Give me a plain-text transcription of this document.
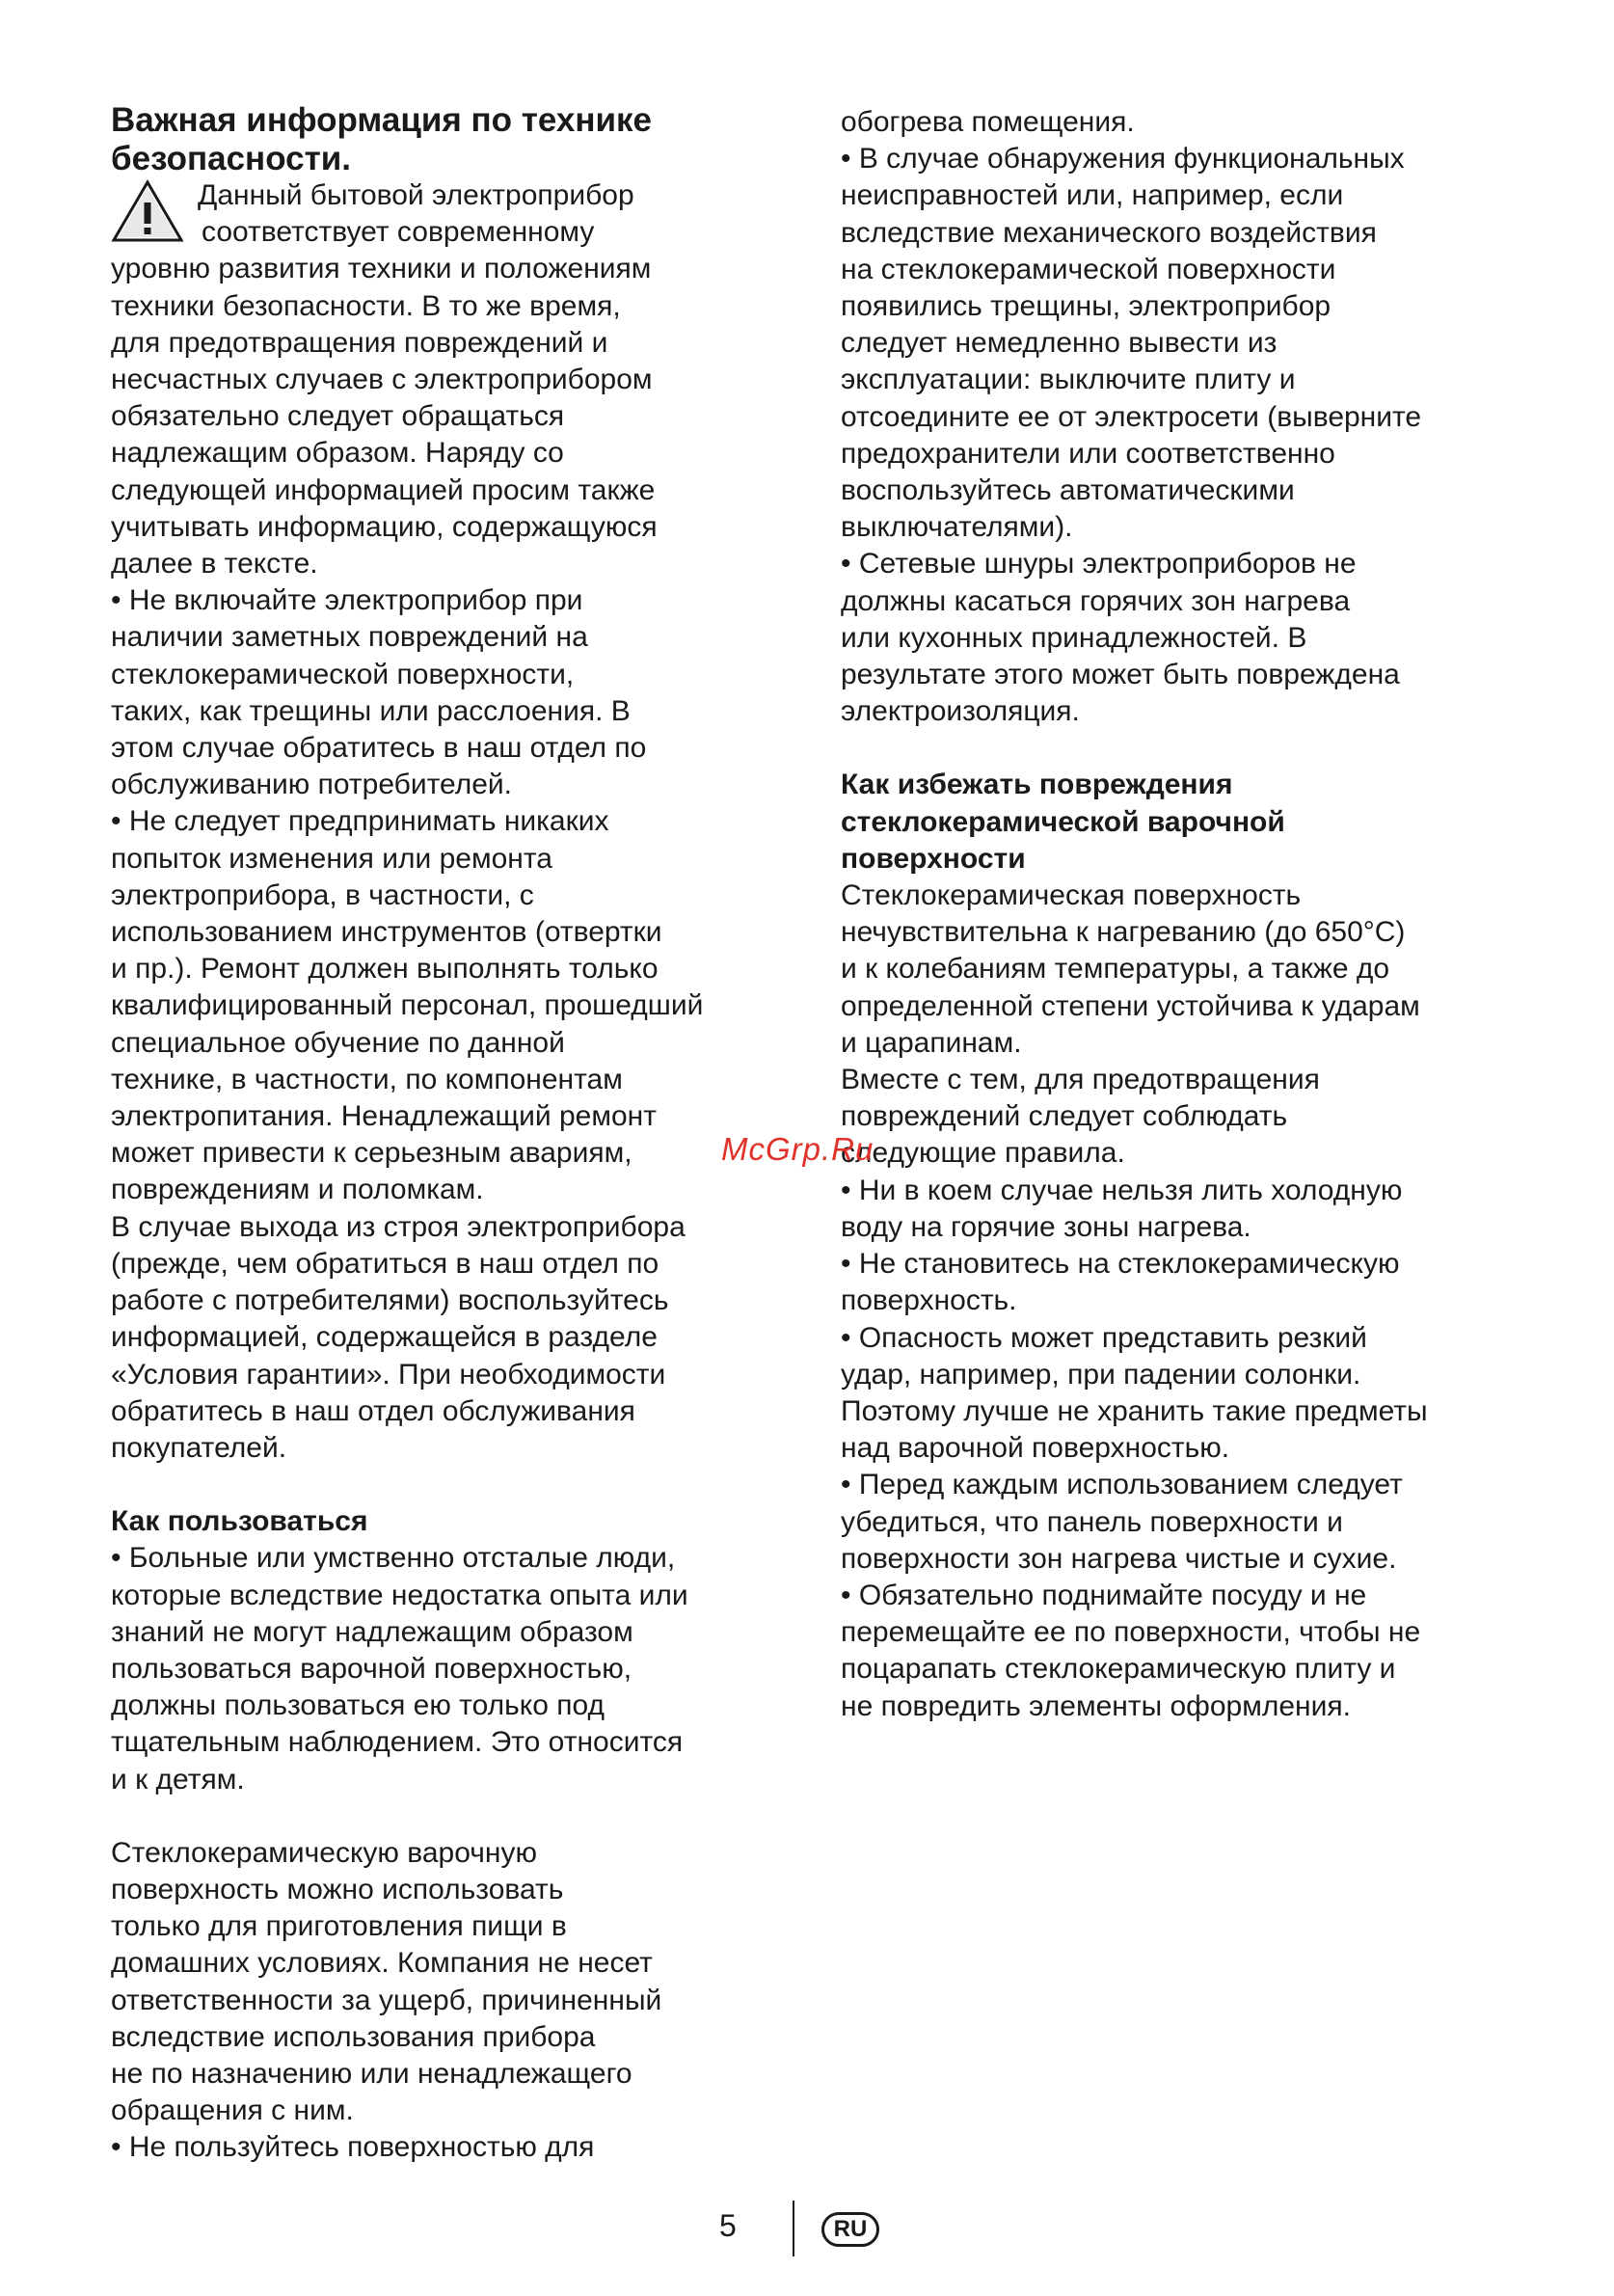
Важная информация по технике
безопасности.
Данный бытовой электроприбор
соответствует современному
уровню развития техники и положениям
техники безопасности. В то же время,
для предотвращения повреждений и
несчастных случаев с электроприбором
обязательно следует обращаться
надлежащим образом. Наряду со
следующей информацией просим также
учитывать информацию, содержащуюся
далее в тексте.
• Не включайте электроприбор при
наличии заметных повреждений на
стеклокерамической поверхности,
таких, как трещины или расслоения. В
этом случае обратитесь в наш отдел по
обслуживанию потребителей.
• Не следует предпринимать никаких
попыток изменения или ремонта
электроприбора, в частности, с
использованием инструментов (отвертки
и пр.). Ремонт должен выполнять только
квалифицированный персонал, прошедший
специальное обучение по данной
технике, в частности, по компонентам
электропитания. Ненадлежащий ремонт
может привести к серьезным авариям,
повреждениям и поломкам.
В случае выхода из строя электроприбора
(прежде, чем обратиться в наш отдел по
работе с потребителями) воспользуйтесь
информацией, содержащейся в разделе
«Условия гарантии». При необходимости
обратитесь в наш отдел обслуживания
покупателей.
Как пользоваться
• Больные или умственно отсталые люди,
которые вследствие недостатка опыта или
знаний не могут надлежащим образом
пользоваться варочной поверхностью,
должны пользоваться ею только под
тщательным наблюдением. Это относится
и к детям.
Стеклокерамическую варочную
поверхность можно использовать
только для приготовления пищи в
домашних условиях. Компания не несет
ответственности за ущерб, причиненный
вследствие использования прибора
не по назначению или ненадлежащего
обращения с ним.
• Не пользуйтесь поверхностью для
обогрева помещения.
• В случае обнаружения функциональных
неисправностей или, например, если
вследствие механического воздействия
на стеклокерамической поверхности
появились трещины, электроприбор
следует немедленно вывести из
эксплуатации: выключите плиту и
отсоедините ее от электросети (выверните
предохранители или соответственно
воспользуйтесь автоматическими
выключателями).
• Сетевые шнуры электроприборов не
должны касаться горячих зон нагрева
или кухонных принадлежностей. В
результате этого может быть повреждена
электроизоляция.
Как избежать повреждения
стеклокерамической варочной
поверхности
Стеклокерамическая поверхность
нечувствительна к нагреванию (до 650°C)
и к колебаниям температуры, а также до
определенной степени устойчива к ударам
и царапинам.
Вместе с тем, для предотвращения
повреждений следует соблюдать
следующие правила.
• Ни в коем случае нельзя лить холодную
воду на горячие зоны нагрева.
• Не становитесь на стеклокерамическую
поверхность.
• Опасность может представить резкий
удар, например, при падении солонки.
Поэтому лучше не хранить такие предметы
над варочной поверхностью.
• Перед каждым использованием следует
убедиться, что панель поверхности и
поверхности зон нагрева чистые и сухие.
• Обязательно поднимайте посуду и не
перемещайте ее по поверхности, чтобы не
поцарапать стеклокерамическую плиту и
не повредить элементы оформления.
McGrp.Ru
5	RU
